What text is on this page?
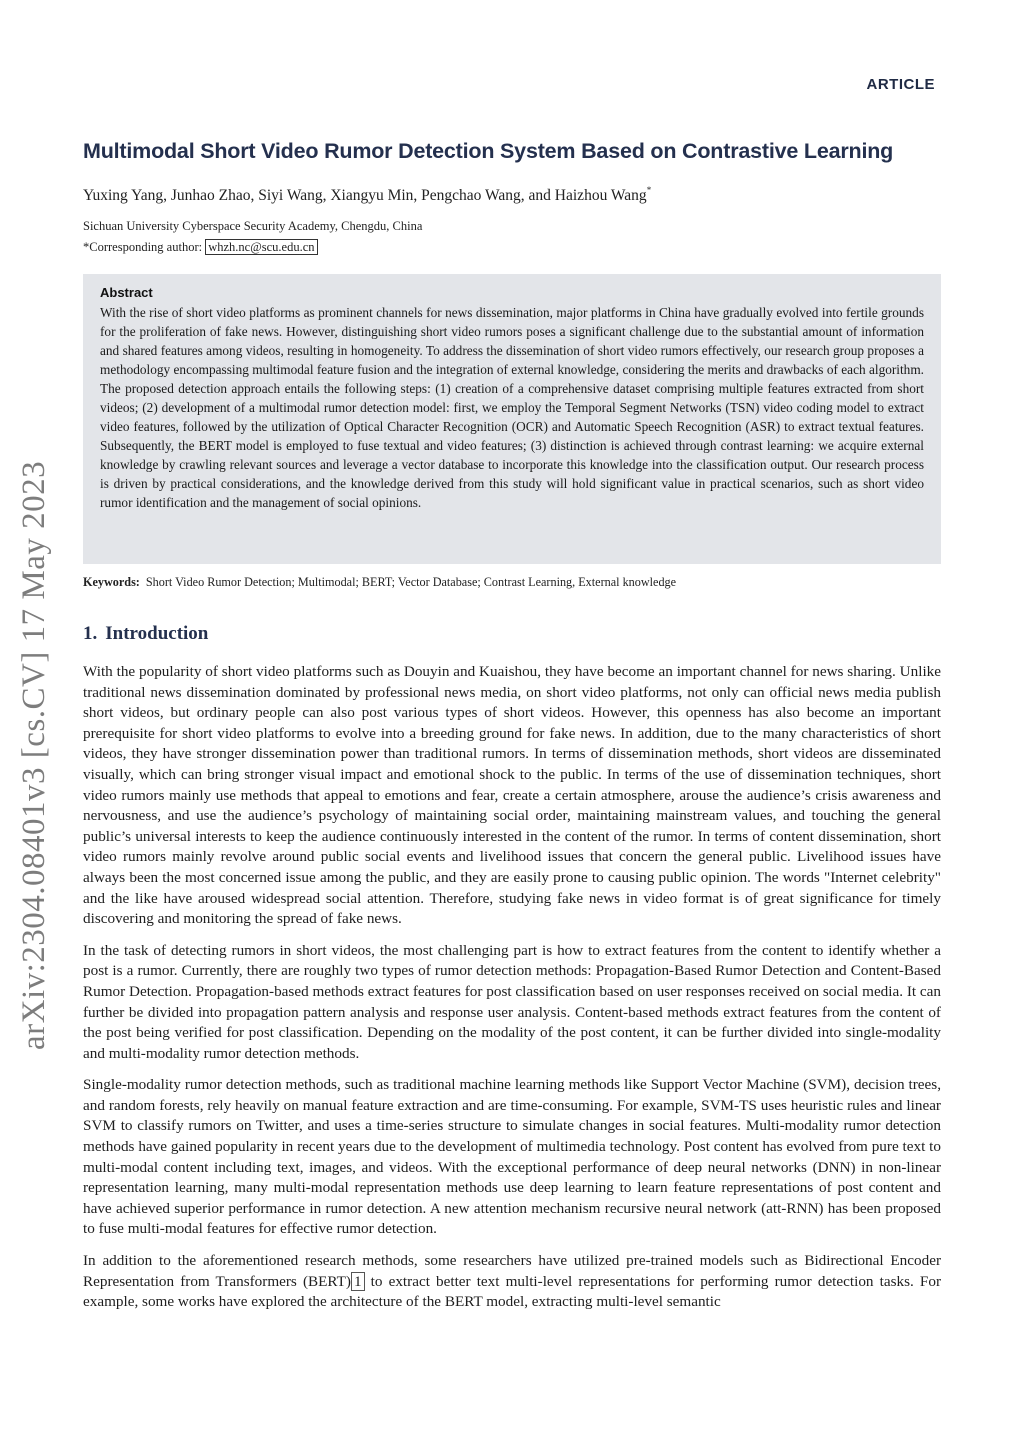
ARTICLE
arXiv:2304.08401v3 [cs.CV] 17 May 2023
Multimodal Short Video Rumor Detection System Based on Contrastive Learning
Yuxing Yang, Junhao Zhao, Siyi Wang, Xiangyu Min, Pengchao Wang, and Haizhou Wang*
Sichuan University Cyberspace Security Academy, Chengdu, China
*Corresponding author: whzh.nc@scu.edu.cn
Abstract

With the rise of short video platforms as prominent channels for news dissemination, major platforms in China have gradually evolved into fertile grounds for the proliferation of fake news. However, distinguishing short video rumors poses a significant challenge due to the substantial amount of information and shared features among videos, resulting in homogeneity. To address the dissemination of short video rumors effectively, our research group proposes a methodology encompassing multimodal feature fusion and the integration of external knowledge, considering the merits and drawbacks of each algorithm. The proposed detection approach entails the following steps: (1) creation of a comprehensive dataset comprising multiple features extracted from short videos; (2) development of a multimodal rumor detection model: first, we employ the Temporal Segment Networks (TSN) video coding model to extract video features, followed by the utilization of Optical Character Recognition (OCR) and Automatic Speech Recognition (ASR) to extract textual features. Subsequently, the BERT model is employed to fuse textual and video features; (3) distinction is achieved through contrast learning: we acquire external knowledge by crawling relevant sources and leverage a vector database to incorporate this knowledge into the classification output. Our research process is driven by practical considerations, and the knowledge derived from this study will hold significant value in practical scenarios, such as short video rumor identification and the management of social opinions.

Keywords: Short Video Rumor Detection; Multimodal; BERT; Vector Database; Contrast Learning, External knowledge
1. Introduction

With the popularity of short video platforms such as Douyin and Kuaishou, they have become an important channel for news sharing. Unlike traditional news dissemination dominated by professional news media, on short video platforms, not only can official news media publish short videos, but ordinary people can also post various types of short videos. However, this openness has also become an important prerequisite for short video platforms to evolve into a breeding ground for fake news. In addition, due to the many characteristics of short videos, they have stronger dissemination power than traditional rumors. In terms of dissemination methods, short videos are disseminated visually, which can bring stronger visual impact and emotional shock to the public. In terms of the use of dissemination techniques, short video rumors mainly use methods that appeal to emotions and fear, create a certain atmosphere, arouse the audience’s crisis awareness and nervousness, and use the audience’s psychology of maintaining social order, maintaining mainstream values, and touching the general public’s universal interests to keep the audience continuously interested in the content of the rumor. In terms of content dissemination, short video rumors mainly revolve around public social events and livelihood issues that concern the general public. Livelihood issues have always been the most concerned issue among the public, and they are easily prone to causing public opinion. The words "Internet celebrity" and the like have aroused widespread social attention. Therefore, studying fake news in video format is of great significance for timely discovering and monitoring the spread of fake news.

In the task of detecting rumors in short videos, the most challenging part is how to extract features from the content to identify whether a post is a rumor. Currently, there are roughly two types of rumor detection methods: Propagation-Based Rumor Detection and Content-Based Rumor Detection. Propagation-based methods extract features for post classification based on user responses received on social media. It can further be divided into propagation pattern analysis and response user analysis. Content-based methods extract features from the content of the post being verified for post classification. Depending on the modality of the post content, it can be further divided into single-modality and multi-modality rumor detection methods.

Single-modality rumor detection methods, such as traditional machine learning methods like Support Vector Machine (SVM), decision trees, and random forests, rely heavily on manual feature extraction and are time-consuming. For example, SVM-TS uses heuristic rules and linear SVM to classify rumors on Twitter, and uses a time-series structure to simulate changes in social features. Multi-modality rumor detection methods have gained popularity in recent years due to the development of multimedia technology. Post content has evolved from pure text to multi-modal content including text, images, and videos. With the exceptional performance of deep neural networks (DNN) in non-linear representation learning, many multi-modal representation methods use deep learning to learn feature representations of post content and have achieved superior performance in rumor detection. A new attention mechanism recursive neural network (att-RNN) has been proposed to fuse multi-modal features for effective rumor detection.

In addition to the aforementioned research methods, some researchers have utilized pre-trained models such as Bidirectional Encoder Representation from Transformers (BERT) 1 to extract better text multi-level representations for performing rumor detection tasks. For example, some works have explored the architecture of the BERT model, extracting multi-level semantic
